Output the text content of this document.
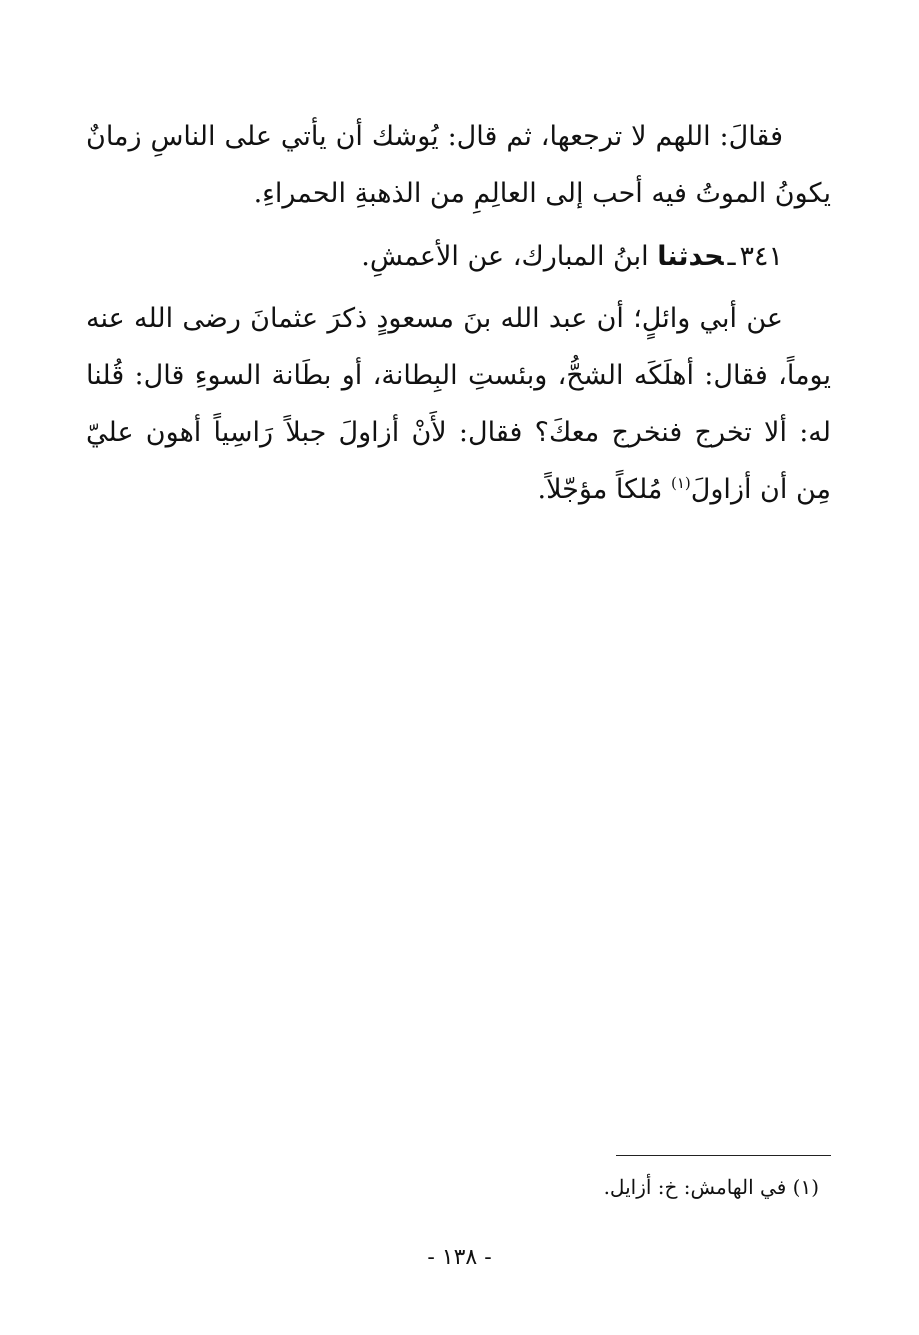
فقالَ: اللهم لا ترجعها، ثم قال: يُوشك أن يأتي على الناسِ زمانٌ يكونُ الموتُ فيه أحب إلى العالِمِ من الذهبةِ الحمراءِ.

٣٤١ـحدثنا ابنُ المبارك، عن الأعمشِ.

عن أبي وائلٍ؛ أن عبد الله بنَ مسعودٍ ذكرَ عثمانَ رضى الله عنه يوماً، فقال: أهلَكَه الشحُّ، وبئستِ البِطانة، أو بطَانة السوءِ قال: قُلنا له: ألا تخرج فنخرج معكَ؟ فقال: لأَنْ أزاولَ جبلاً رَاسِياً أهون عليّ مِن أن أزاولَ$^{(١)}$ مُلكاً مؤجّلاً.

(١) في الهامش: خ: أزايل.
- ١٣٨ -
